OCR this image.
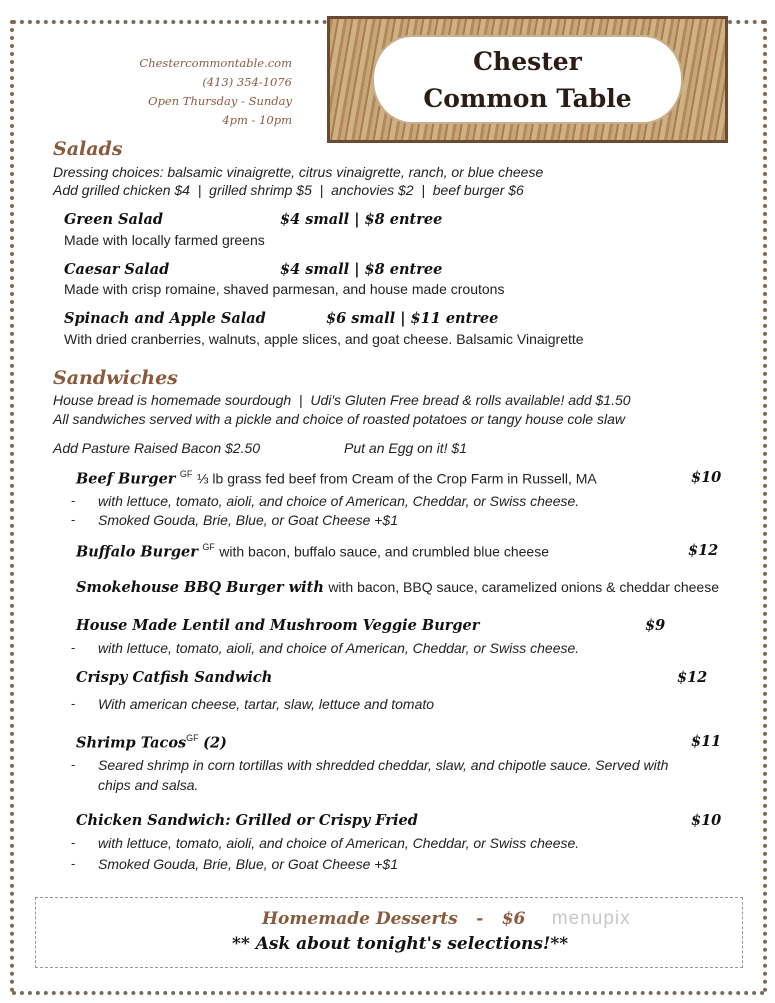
Chestercommontable.com
(413) 354-1076
Open Thursday - Sunday
4pm - 10pm
Chester
Common Table
Salads
Dressing choices: balsamic vinaigrette, citrus vinaigrette, ranch, or blue cheese
Add grilled chicken $4  |  grilled shrimp $5  |  anchovies $2  |  beef burger $6
Green Salad	$4 small | $8 entree
Made with locally farmed greens
Caesar Salad	$4 small | $8 entree
Made with crisp romaine, shaved parmesan, and house made croutons
Spinach and Apple Salad	$6 small | $11 entree
With dried cranberries, walnuts, apple slices, and goat cheese. Balsamic Vinaigrette
Sandwiches
House bread is homemade sourdough  |  Udi's Gluten Free bread & rolls available! add $1.50
All sandwiches served with a pickle and choice of roasted potatoes or tangy house cole slaw
Add Pasture Raised Bacon $2.50	Put an Egg on it! $1
Beef Burger $^{GF}$ ⅓ lb grass fed beef from Cream of the Crop Farm in Russell, MA	$10
- with lettuce, tomato, aioli, and choice of American, Cheddar, or Swiss cheese.
- Smoked Gouda, Brie, Blue, or Goat Cheese +$1
Buffalo Burger $^{GF}$ with bacon, buffalo sauce, and crumbled blue cheese	$12
Smokehouse BBQ Burger with with bacon, BBQ sauce, caramelized onions & cheddar cheese
House Made Lentil and Mushroom Veggie Burger	$9
- with lettuce, tomato, aioli, and choice of American, Cheddar, or Swiss cheese.
Crispy Catfish Sandwich	$12
- With american cheese, tartar, slaw, lettuce and tomato
Shrimp Tacos$^{GF}$ (2)	$11
- Seared shrimp in corn tortillas with shredded cheddar, slaw, and chipotle sauce. Served with
chips and salsa.
Chicken Sandwich: Grilled or Crispy Fried	$10
- with lettuce, tomato, aioli, and choice of American, Cheddar, or Swiss cheese.
- Smoked Gouda, Brie, Blue, or Goat Cheese +$1
Homemade Desserts - $6 menupix
** Ask about tonight's selections!**
